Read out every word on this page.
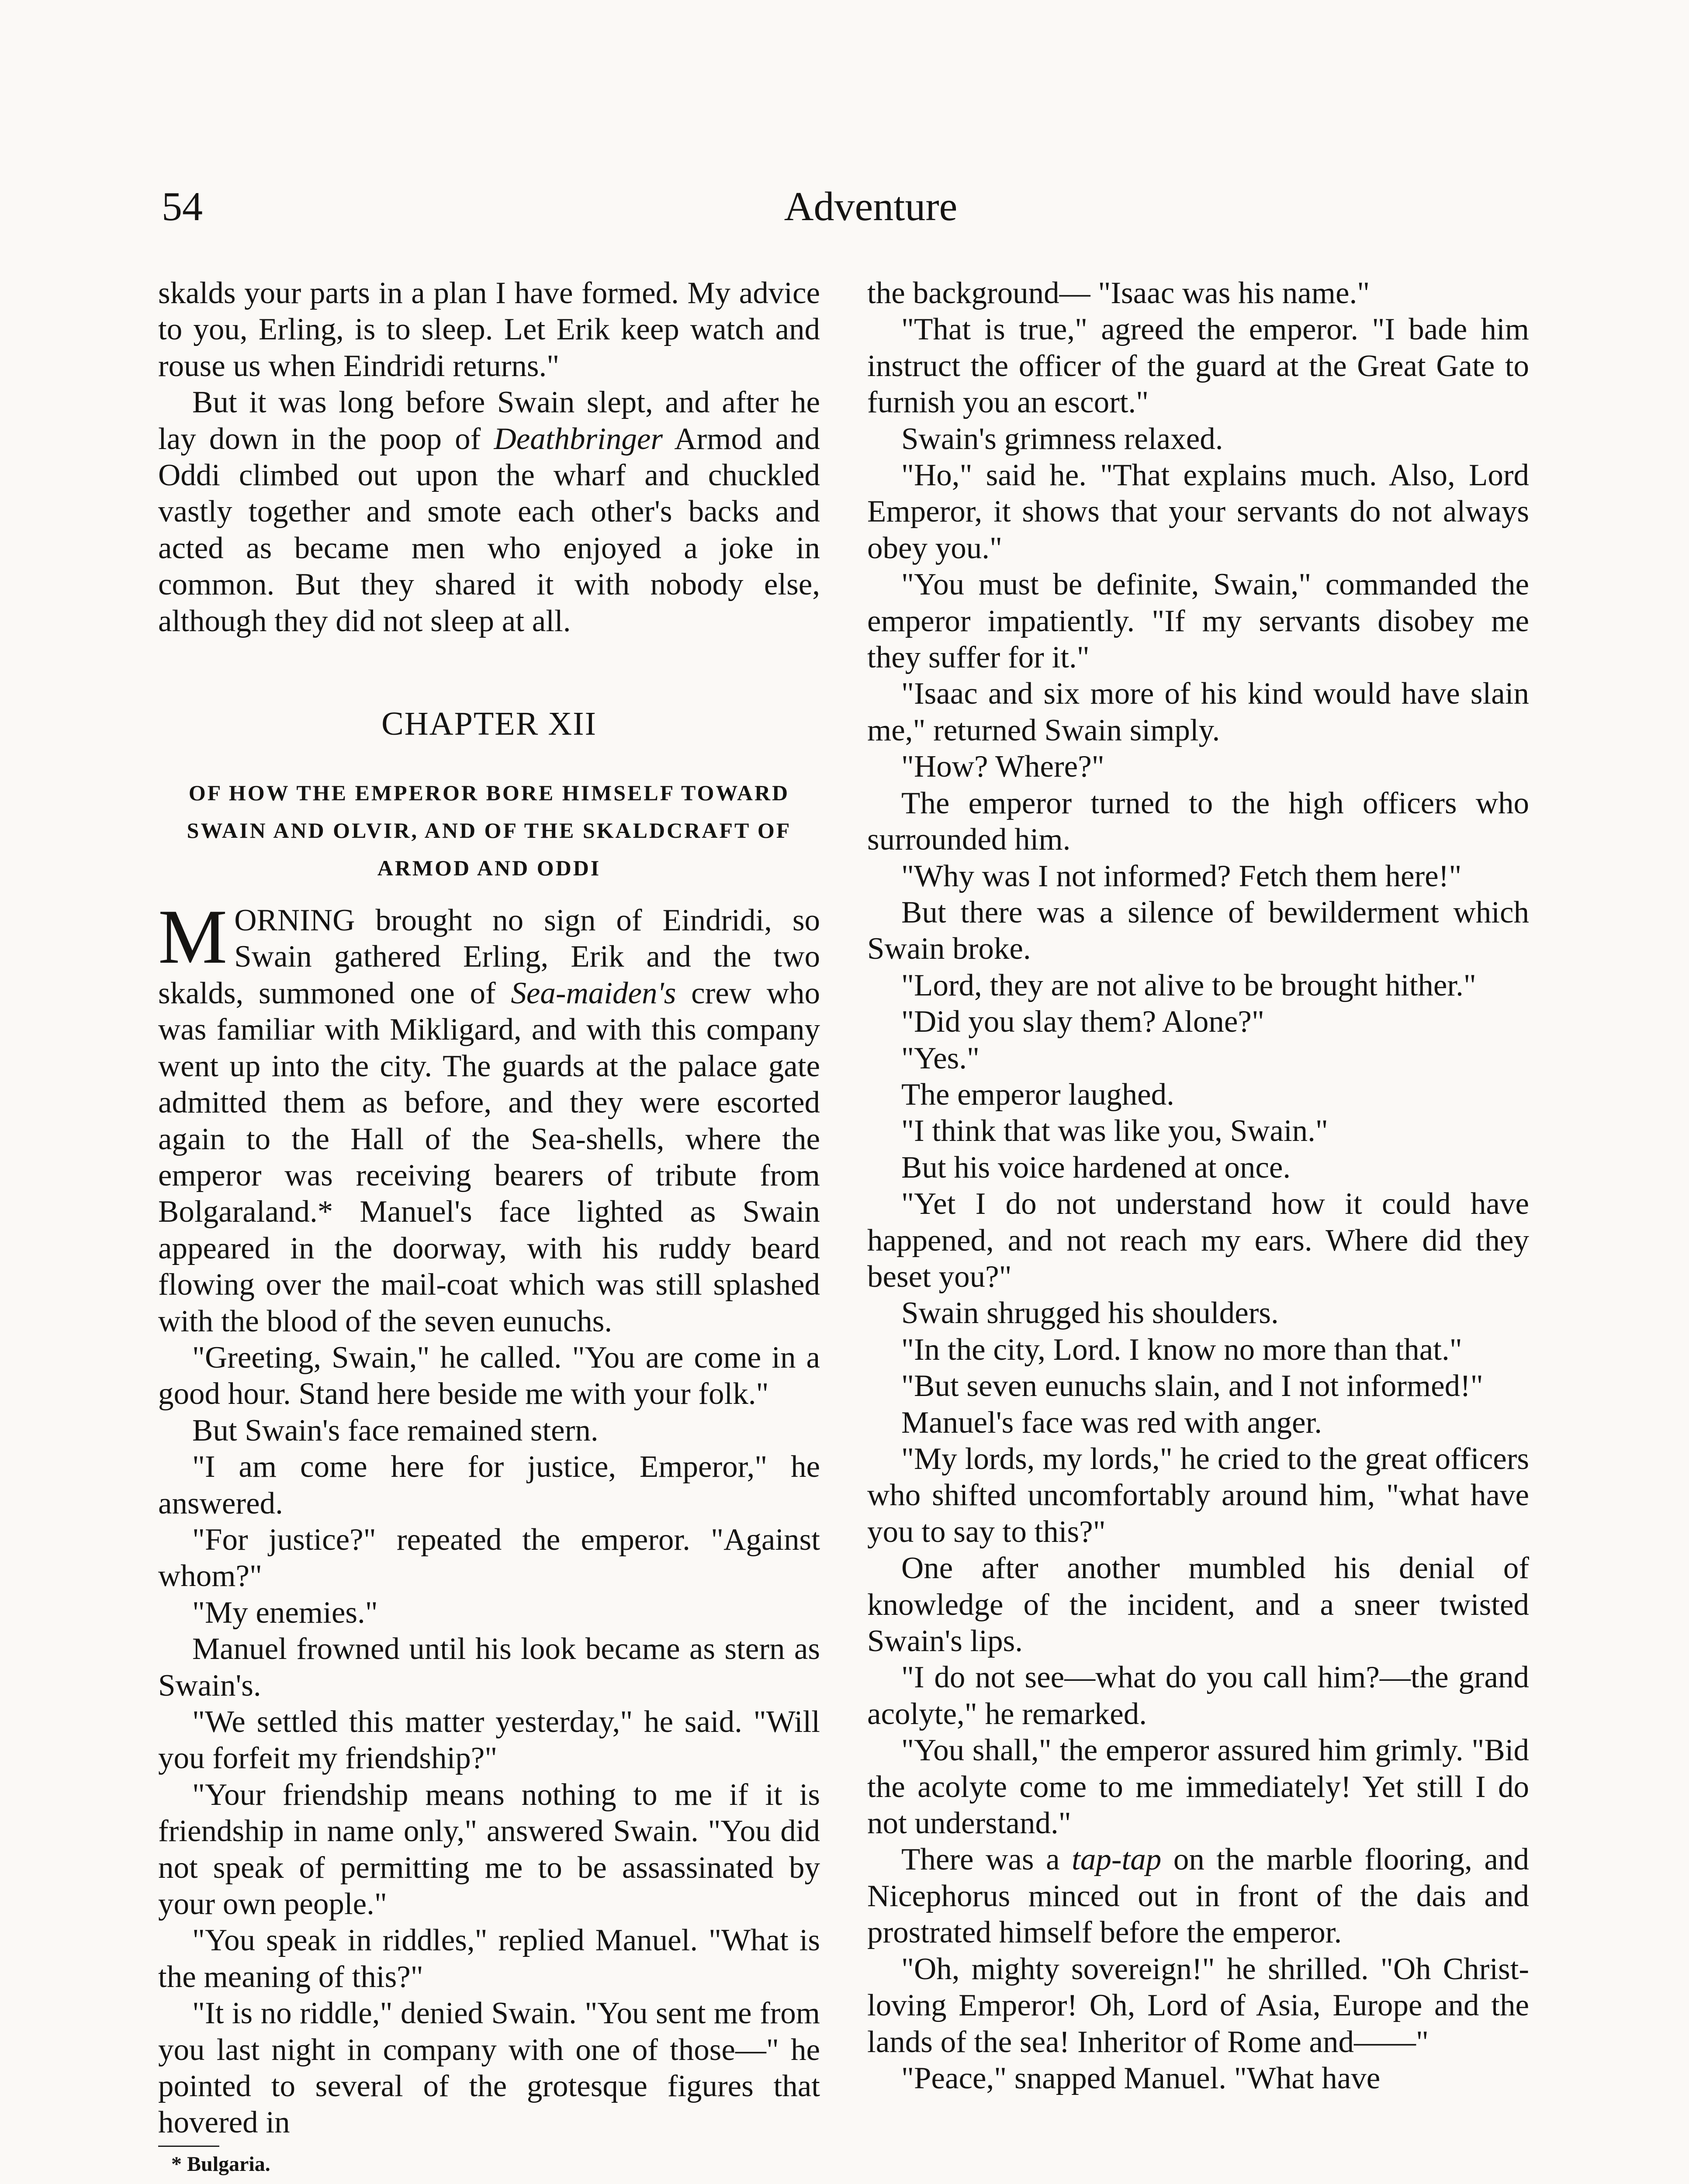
54	Adventure

skalds your parts in a plan I have formed. My advice to you, Erling, is to sleep. Let Erik keep watch and rouse us when Eindridi returns."

But it was long before Swain slept, and after he lay down in the poop of Deathbringer Armod and Oddi climbed out upon the wharf and chuckled vastly together and smote each other's backs and acted as became men who enjoyed a joke in common. But they shared it with nobody else, although they did not sleep at all.

CHAPTER XII
OF HOW THE EMPEROR BORE HIMSELF TOWARD SWAIN AND OLVIR, AND OF THE SKALDCRAFT OF ARMOD AND ODDI

MORNING brought no sign of Eindridi, so Swain gathered Erling, Erik and the two skalds, summoned one of Sea-maiden's crew who was familiar with Mikligard, and with this company went up into the city. The guards at the palace gate admitted them as before, and they were escorted again to the Hall of the Sea-shells, where the emperor was receiving bearers of tribute from Bolgaraland.* Manuel's face lighted as Swain appeared in the doorway, with his ruddy beard flowing over the mail-coat which was still splashed with the blood of the seven eunuchs.

"Greeting, Swain," he called. "You are come in a good hour. Stand here beside me with your folk."

But Swain's face remained stern.

"I am come here for justice, Emperor," he answered.

"For justice?" repeated the emperor. "Against whom?"

"My enemies."

Manuel frowned until his look became as stern as Swain's.

"We settled this matter yesterday," he said. "Will you forfeit my friendship?"

"Your friendship means nothing to me if it is friendship in name only," answered Swain. "You did not speak of permitting me to be assassinated by your own people."

"You speak in riddles," replied Manuel. "What is the meaning of this?"

"It is no riddle," denied Swain. "You sent me from you last night in company with one of those—" he pointed to several of the grotesque figures that hovered in

* Bulgaria.

the background— "Isaac was his name."

"That is true," agreed the emperor. "I bade him instruct the officer of the guard at the Great Gate to furnish you an escort."

Swain's grimness relaxed.

"Ho," said he. "That explains much. Also, Lord Emperor, it shows that your servants do not always obey you."

"You must be definite, Swain," commanded the emperor impatiently. "If my servants disobey me they suffer for it."

"Isaac and six more of his kind would have slain me," returned Swain simply.

"How? Where?"

The emperor turned to the high officers who surrounded him.

"Why was I not informed? Fetch them here!"

But there was a silence of bewilderment which Swain broke.

"Lord, they are not alive to be brought hither."

"Did you slay them? Alone?"

"Yes."

The emperor laughed.

"I think that was like you, Swain."

But his voice hardened at once.

"Yet I do not understand how it could have happened, and not reach my ears. Where did they beset you?"

Swain shrugged his shoulders.

"In the city, Lord. I know no more than that."

"But seven eunuchs slain, and I not informed!"

Manuel's face was red with anger.

"My lords, my lords," he cried to the great officers who shifted uncomfortably around him, "what have you to say to this?"

One after another mumbled his denial of knowledge of the incident, and a sneer twisted Swain's lips.

"I do not see—what do you call him?—the grand acolyte," he remarked.

"You shall," the emperor assured him grimly. "Bid the acolyte come to me immediately! Yet still I do not understand."

There was a tap-tap on the marble flooring, and Nicephorus minced out in front of the dais and prostrated himself before the emperor.

"Oh, mighty sovereign!" he shrilled. "Oh Christ-loving Emperor! Oh, Lord of Asia, Europe and the lands of the sea! Inheritor of Rome and——"

"Peace," snapped Manuel. "What have
